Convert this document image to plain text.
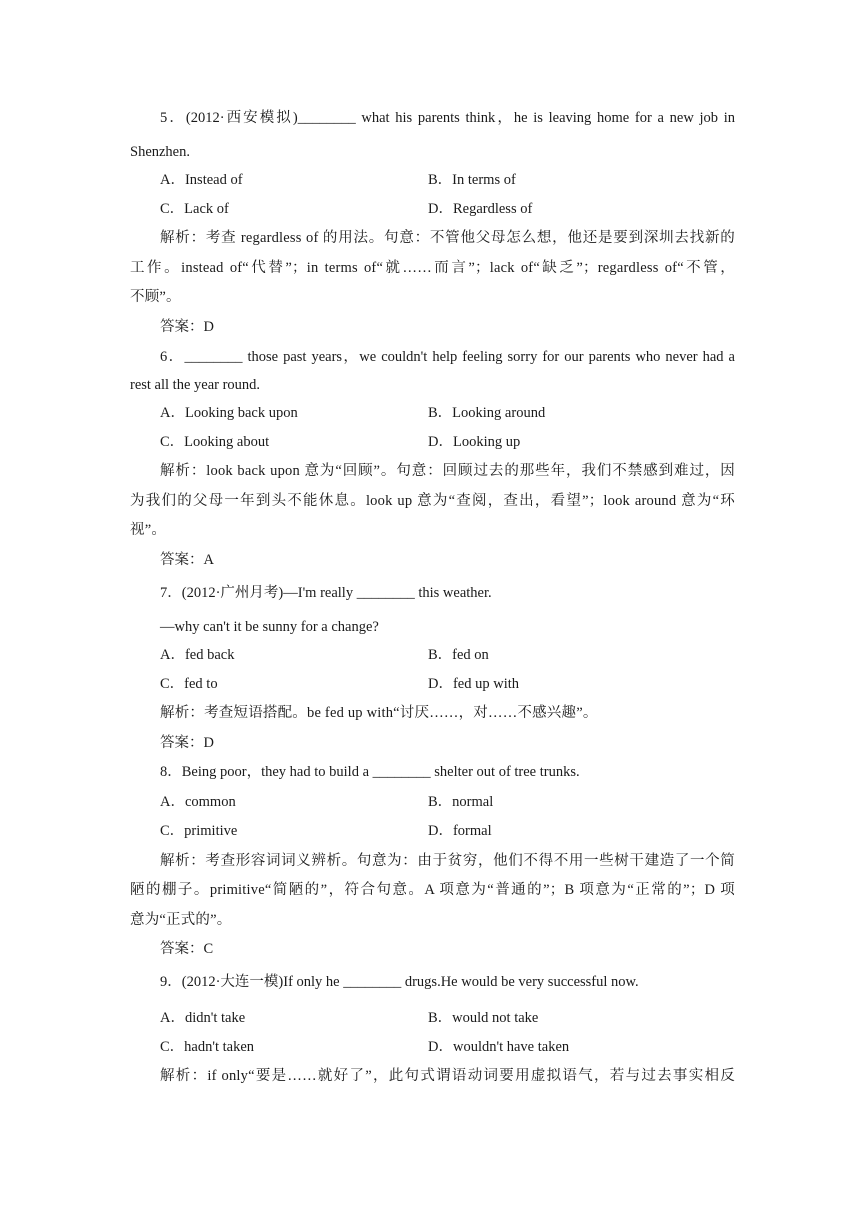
5．(2012·西安模拟)________ what his parents think，he is leaving home for a new job in
Shenzhen.
A．Instead of	B．In terms of
C．Lack of	D．Regardless of
解析：考查 regardless of 的用法。句意：不管他父母怎么想，他还是要到深圳去找新的
工作。instead of“代替”；in terms of“就……而言”；lack of“缺乏”；regardless of“不管，
不顾”。
答案：D
6．________ those past years，we couldn't help feeling sorry for our parents who never had a
rest all the year round.
A．Looking back upon	B．Looking around
C．Looking about	D．Looking up
解析：look back upon 意为“回顾”。句意：回顾过去的那些年，我们不禁感到难过，因
为我们的父母一年到头不能休息。look up 意为“查阅，查出，看望”；look around 意为“环
视”。
答案：A
7．(2012·广州月考)—I'm really ________ this weather.
—why can't it be sunny for a change?
A．fed back	B．fed on
C．fed to	D．fed up with
解析：考查短语搭配。be fed up with“讨厌……，对……不感兴趣”。
答案：D
8．Being poor，they had to build a ________ shelter out of tree trunks.
A．common	B．normal
C．primitive	D．formal
解析：考查形容词词义辨析。句意为：由于贫穷，他们不得不用一些树干建造了一个简
陋的棚子。primitive“简陋的”，符合句意。A 项意为“普通的”；B 项意为“正常的”；D 项
意为“正式的”。
答案：C
9．(2012·大连一模)If only he ________ drugs.He would be very successful now.
A．didn't take	B．would not take
C．hadn't taken	D．wouldn't have taken
解析：if only“要是……就好了”，此句式谓语动词要用虚拟语气，若与过去事实相反
